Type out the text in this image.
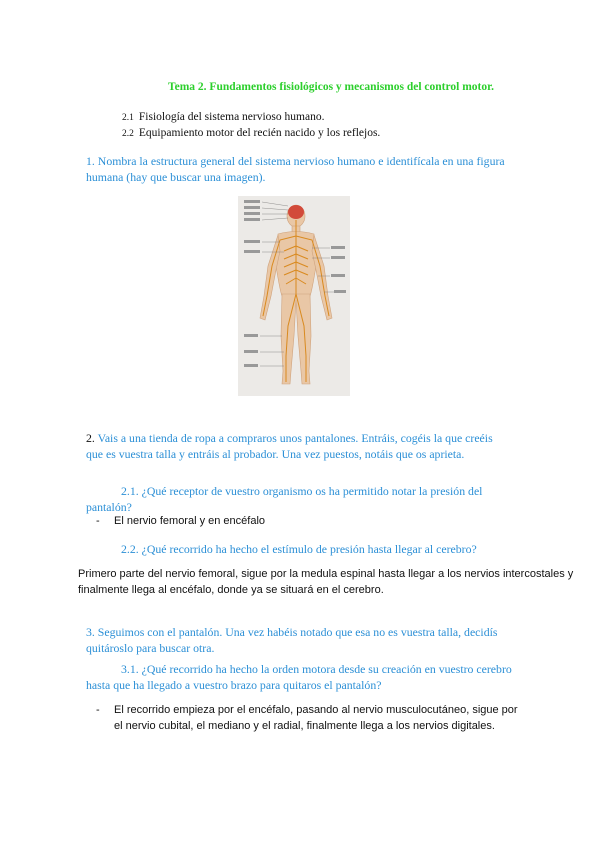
Tema 2. Fundamentos fisiológicos y mecanismos del control motor.
2.1 Fisiología del sistema nervioso humano.
2.2 Equipamiento motor del recién nacido y los reflejos.
1. Nombra la estructura general del sistema nervioso humano e identifícala en una figura
humana (hay que buscar una imagen).
2. Vais a una tienda de ropa a compraros unos pantalones. Entráis, cogéis la que creéis
que es vuestra talla y entráis al probador. Una vez puestos, notáis que os aprieta.
2.1. ¿Qué receptor de vuestro organismo os ha permitido notar la presión del
pantalón?
- El nervio femoral y en encéfalo
2.2. ¿Qué recorrido ha hecho el estímulo de presión hasta llegar al cerebro?
Primero parte del nervio femoral, sigue por la medula espinal hasta llegar a los nervios intercostales y
finalmente llega al encéfalo, donde ya se situará en el cerebro.
3. Seguimos con el pantalón. Una vez habéis notado que esa no es vuestra talla, decidís
quitároslo para buscar otra.
3.1. ¿Qué recorrido ha hecho la orden motora desde su creación en vuestro cerebro
hasta que ha llegado a vuestro brazo para quitaros el pantalón?
- El recorrido empieza por el encéfalo, pasando al nervio musculocutáneo, sigue por
el nervio cubital, el mediano y el radial, finalmente llega a los nervios digitales.
